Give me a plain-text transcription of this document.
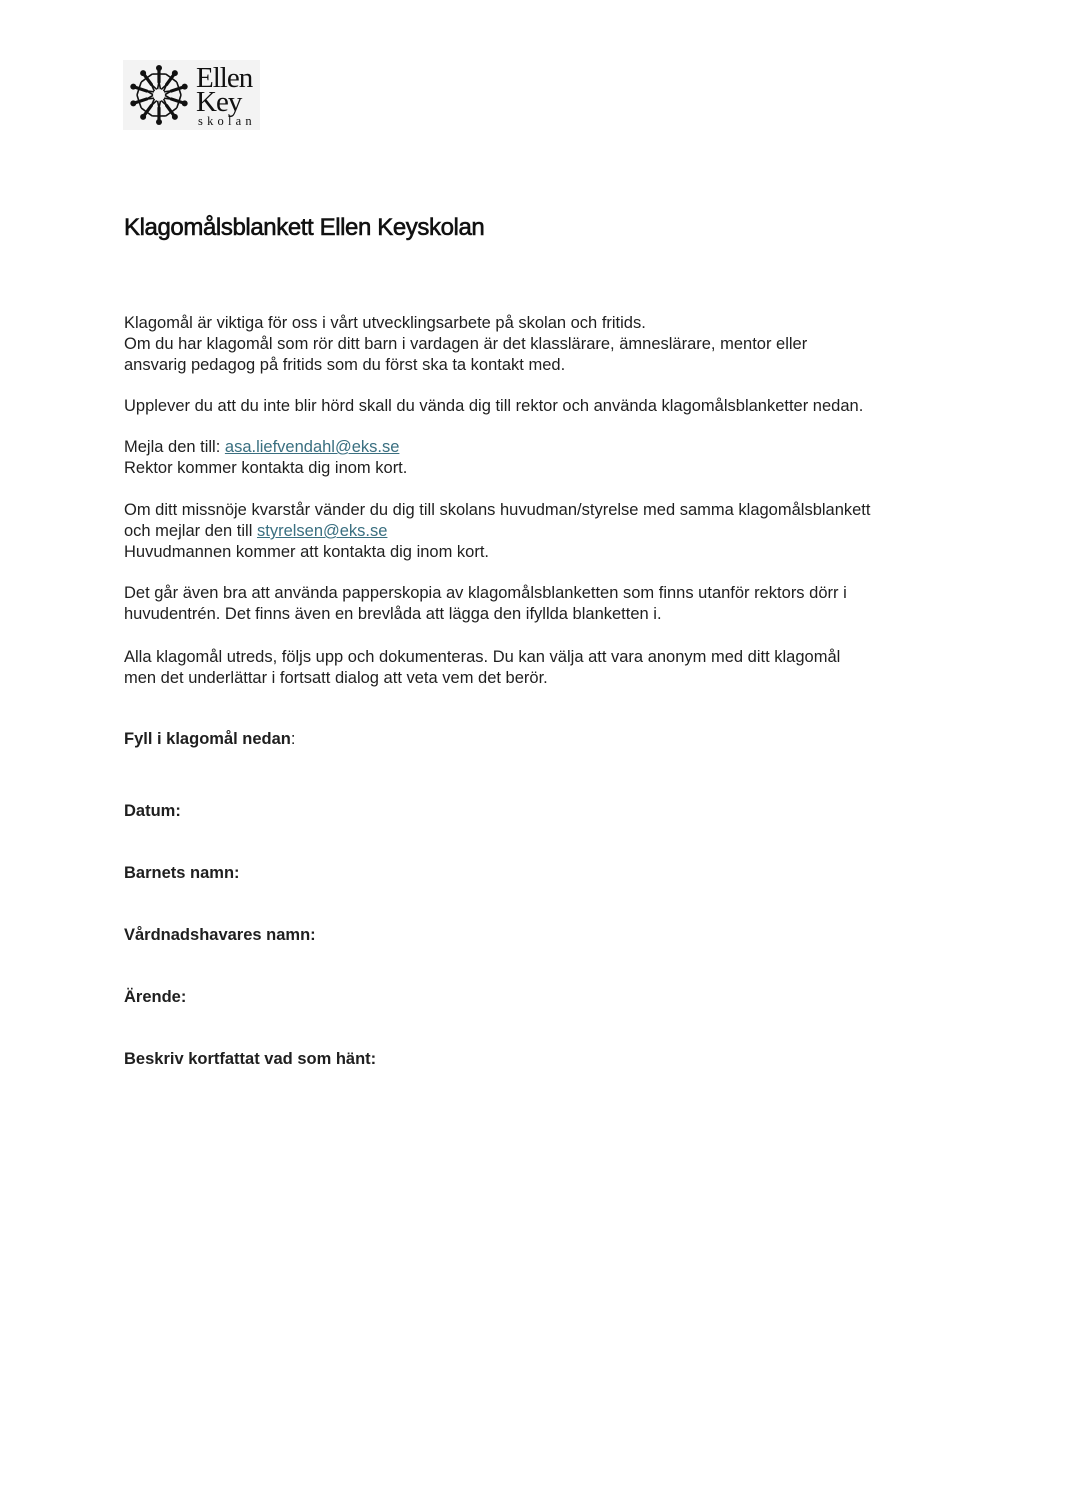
Ellen
Key
skolan
Klagomålsblankett Ellen Keyskolan

Klagomål är viktiga för oss i vårt utvecklingsarbete på skolan och fritids.
Om du har klagomål som rör ditt barn i vardagen är det klasslärare, ämneslärare, mentor eller
ansvarig pedagog på fritids som du först ska ta kontakt med.

Upplever du att du inte blir hörd skall du vända dig till rektor och använda klagomålsblanketter nedan.

Mejla den till: asa.liefvendahl@eks.se
Rektor kommer kontakta dig inom kort.

Om ditt missnöje kvarstår vänder du dig till skolans huvudman/styrelse med samma klagomålsblankett
och mejlar den till styrelsen@eks.se
Huvudmannen kommer att kontakta dig inom kort.

Det går även bra att använda papperskopia av klagomålsblanketten som finns utanför rektors dörr i
huvudentrén. Det finns även en brevlåda att lägga den ifyllda blanketten i.

Alla klagomål utreds, följs upp och dokumenteras. Du kan välja att vara anonym med ditt klagomål
men det underlättar i fortsatt dialog att veta vem det berör.

Fyll i klagomål nedan:

Datum:

Barnets namn:

Vårdnadshavares namn:

Ärende:

Beskriv kortfattat vad som hänt:
